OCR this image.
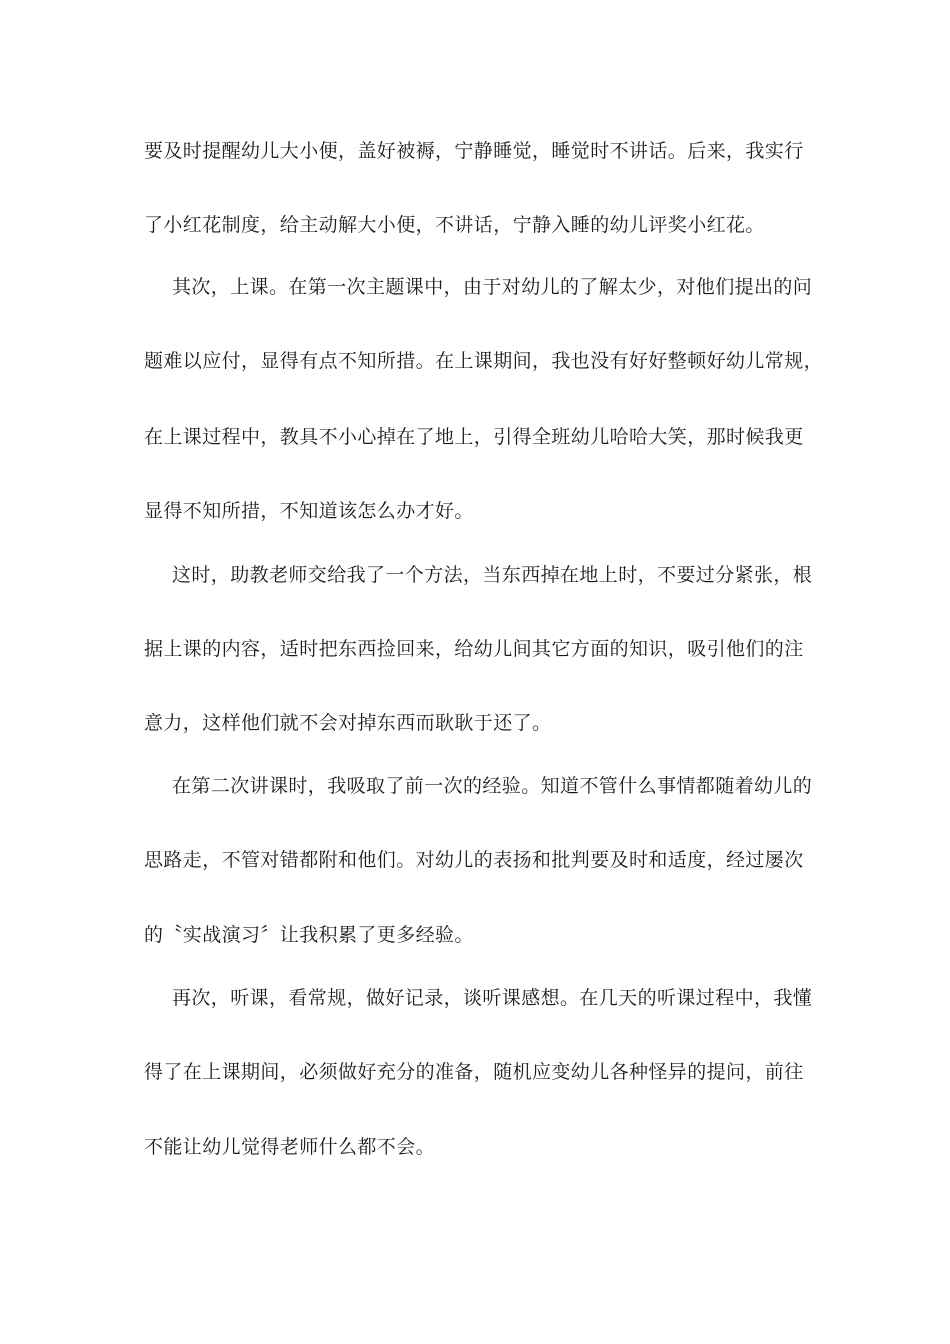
要及时提醒幼儿大小便，盖好被褥，宁静睡觉，睡觉时不讲话。后来，我实行
了小红花制度，给主动解大小便，不讲话，宁静入睡的幼儿评奖小红花。
其次，上课。在第一次主题课中，由于对幼儿的了解太少，对他们提出的问
题难以应付，显得有点不知所措。在上课期间，我也没有好好整顿好幼儿常规，
在上课过程中，教具不小心掉在了地上，引得全班幼儿哈哈大笑，那时候我更
显得不知所措，不知道该怎么办才好。
这时，助教老师交给我了一个方法，当东西掉在地上时，不要过分紧张，根
据上课的内容，适时把东西捡回来，给幼儿间其它方面的知识，吸引他们的注
意力，这样他们就不会对掉东西而耿耿于还了。
在第二次讲课时，我吸取了前一次的经验。知道不管什么事情都随着幼儿的
思路走，不管对错都附和他们。对幼儿的表扬和批判要及时和适度，经过屡次
的〝实战演习〞让我积累了更多经验。
再次，听课，看常规，做好记录，谈听课感想。在几天的听课过程中，我懂
得了在上课期间，必须做好充分的准备，随机应变幼儿各种怪异的提问，前往
不能让幼儿觉得老师什么都不会。
